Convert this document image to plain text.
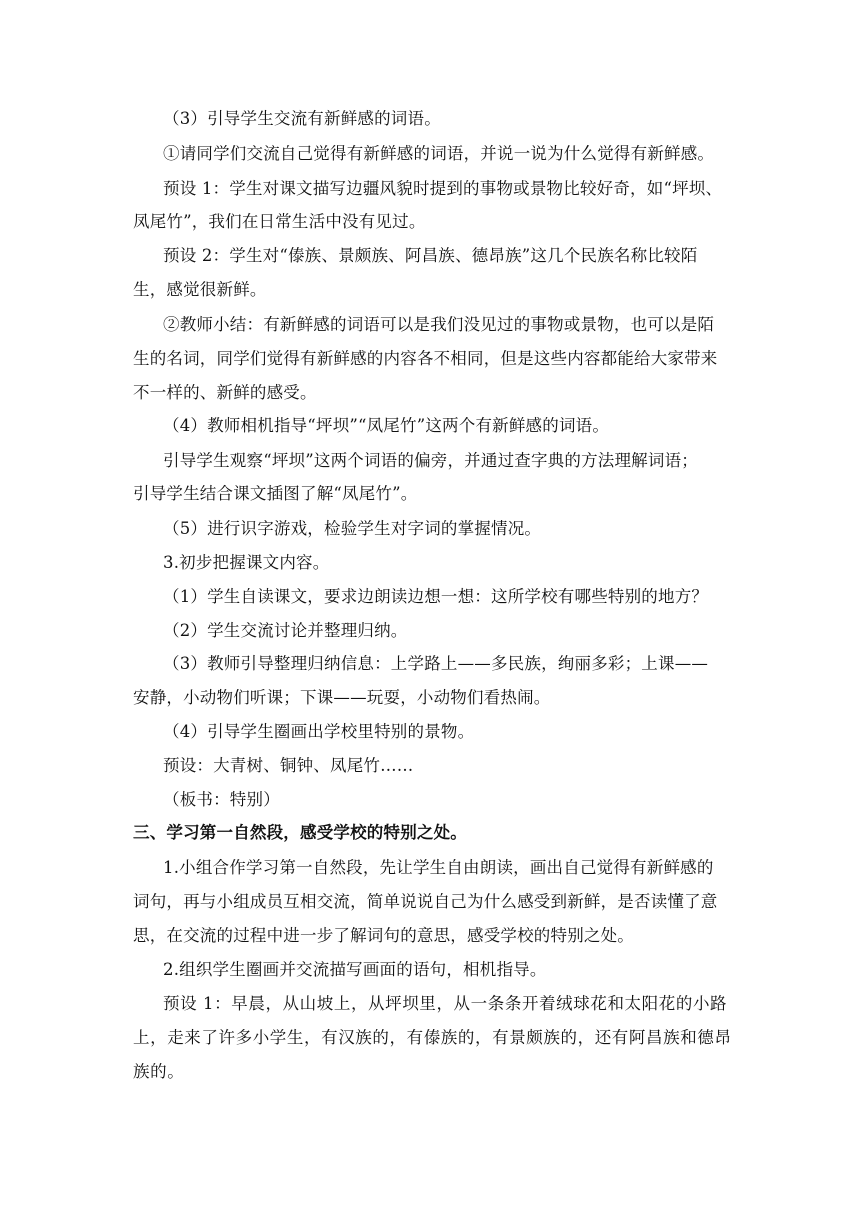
（3）引导学生交流有新鲜感的词语。
①请同学们交流自己觉得有新鲜感的词语，并说一说为什么觉得有新鲜感。
预设 1：学生对课文描写边疆风貌时提到的事物或景物比较好奇，如“坪坝、
凤尾竹”，我们在日常生活中没有见过。
预设 2：学生对“傣族、景颇族、阿昌族、德昂族”这几个民族名称比较陌
生，感觉很新鲜。
②教师小结：有新鲜感的词语可以是我们没见过的事物或景物，也可以是陌
生的名词，同学们觉得有新鲜感的内容各不相同，但是这些内容都能给大家带来
不一样的、新鲜的感受。
（4）教师相机指导“坪坝”“凤尾竹”这两个有新鲜感的词语。
引导学生观察“坪坝”这两个词语的偏旁，并通过查字典的方法理解词语；
引导学生结合课文插图了解“凤尾竹”。
（5）进行识字游戏，检验学生对字词的掌握情况。
3.初步把握课文内容。
（1）学生自读课文，要求边朗读边想一想：这所学校有哪些特别的地方？
（2）学生交流讨论并整理归纳。
（3）教师引导整理归纳信息：上学路上——多民族，绚丽多彩；上课——
安静，小动物们听课；下课——玩耍，小动物们看热闹。
（4）引导学生圈画出学校里特别的景物。
预设：大青树、铜钟、凤尾竹……
（板书：特别）
三、学习第一自然段，感受学校的特别之处。
1.小组合作学习第一自然段，先让学生自由朗读，画出自己觉得有新鲜感的
词句，再与小组成员互相交流，简单说说自己为什么感受到新鲜，是否读懂了意
思，在交流的过程中进一步了解词句的意思，感受学校的特别之处。
2.组织学生圈画并交流描写画面的语句，相机指导。
预设 1：早晨，从山坡上，从坪坝里，从一条条开着绒球花和太阳花的小路
上，走来了许多小学生，有汉族的，有傣族的，有景颇族的，还有阿昌族和德昂
族的。
